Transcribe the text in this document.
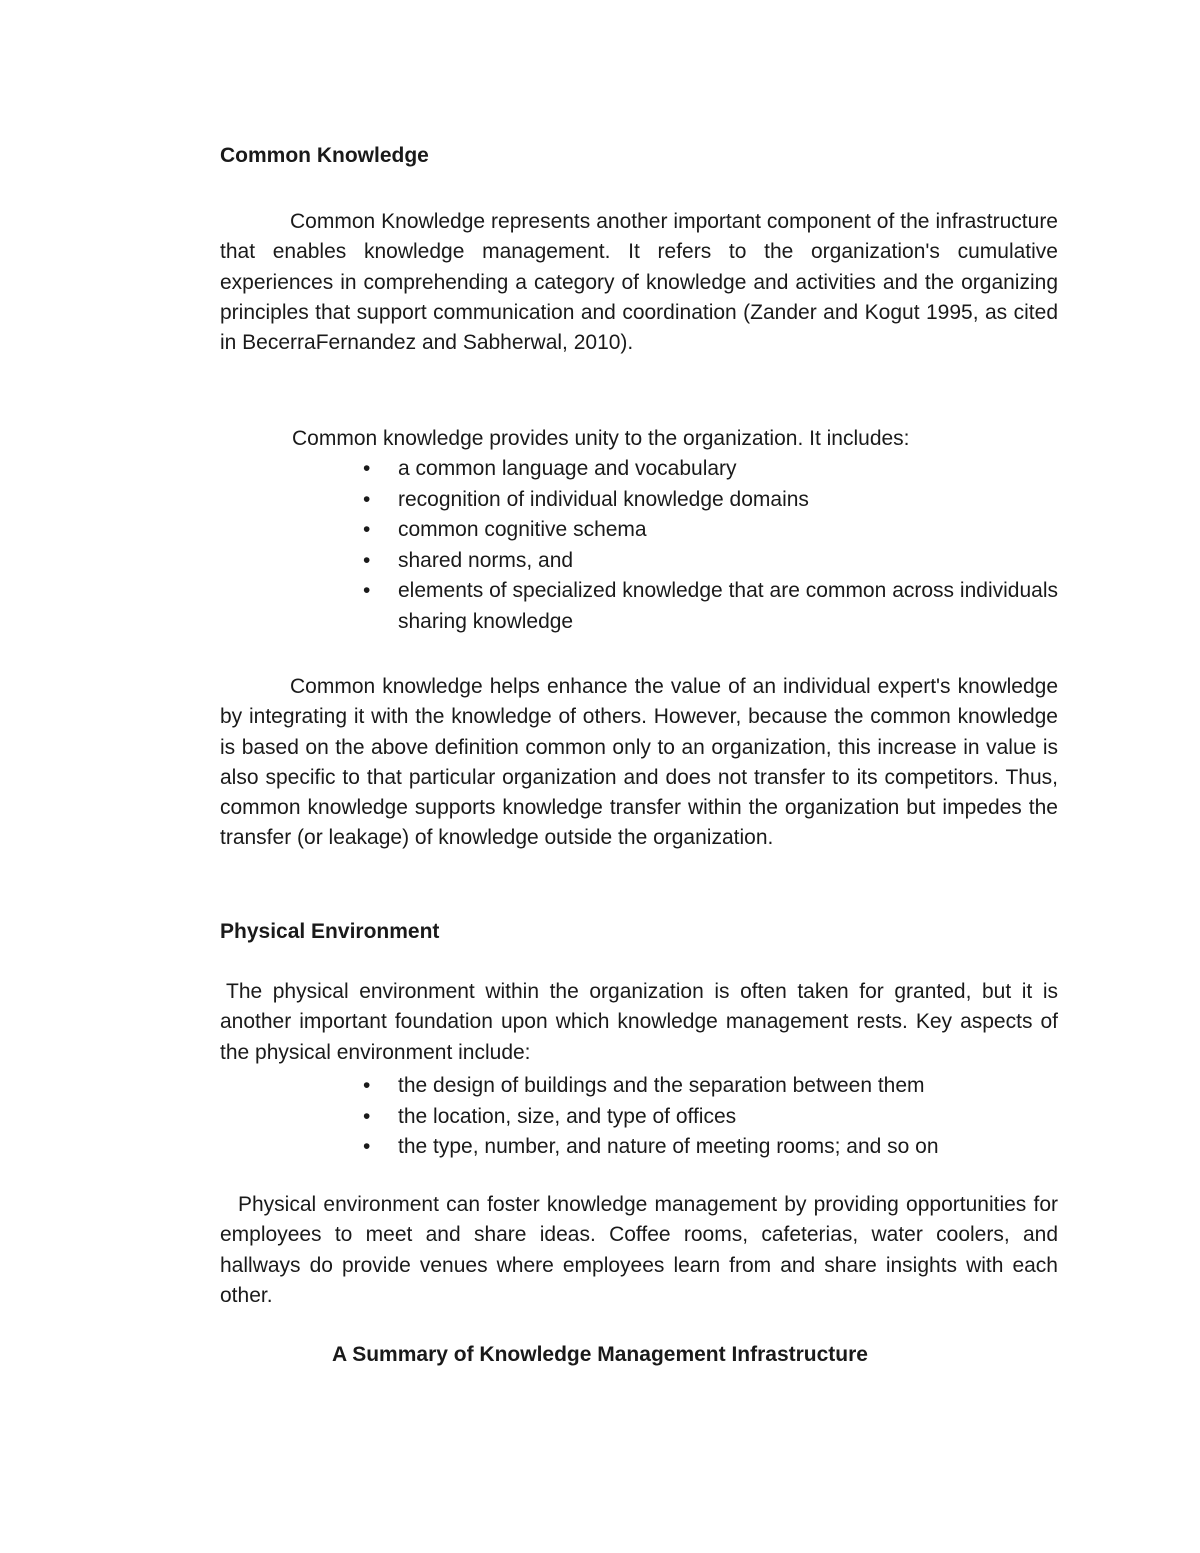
Common Knowledge
Common Knowledge represents another important component of the infrastructure that enables knowledge management. It refers to the organization's cumulative experiences in comprehending a category of knowledge and activities and the organizing principles that support communication and coordination (Zander and Kogut 1995, as cited in BecerraFernandez and Sabherwal, 2010).
Common knowledge provides unity to the organization. It includes:
• a common language and vocabulary
• recognition of individual knowledge domains
• common cognitive schema
• shared norms, and
• elements of specialized knowledge that are common across individuals sharing knowledge
Common knowledge helps enhance the value of an individual expert's knowledge by integrating it with the knowledge of others. However, because the common knowledge is based on the above definition common only to an organization, this increase in value is also specific to that particular organization and does not transfer to its competitors. Thus, common knowledge supports knowledge transfer within the organization but impedes the transfer (or leakage) of knowledge outside the organization.
Physical Environment
The physical environment within the organization is often taken for granted, but it is another important foundation upon which knowledge management rests. Key aspects of the physical environment include:
• the design of buildings and the separation between them
• the location, size, and type of offices
• the type, number, and nature of meeting rooms; and so on
Physical environment can foster knowledge management by providing opportunities for employees to meet and share ideas. Coffee rooms, cafeterias, water coolers, and hallways do provide venues where employees learn from and share insights with each other.
A Summary of Knowledge Management Infrastructure
